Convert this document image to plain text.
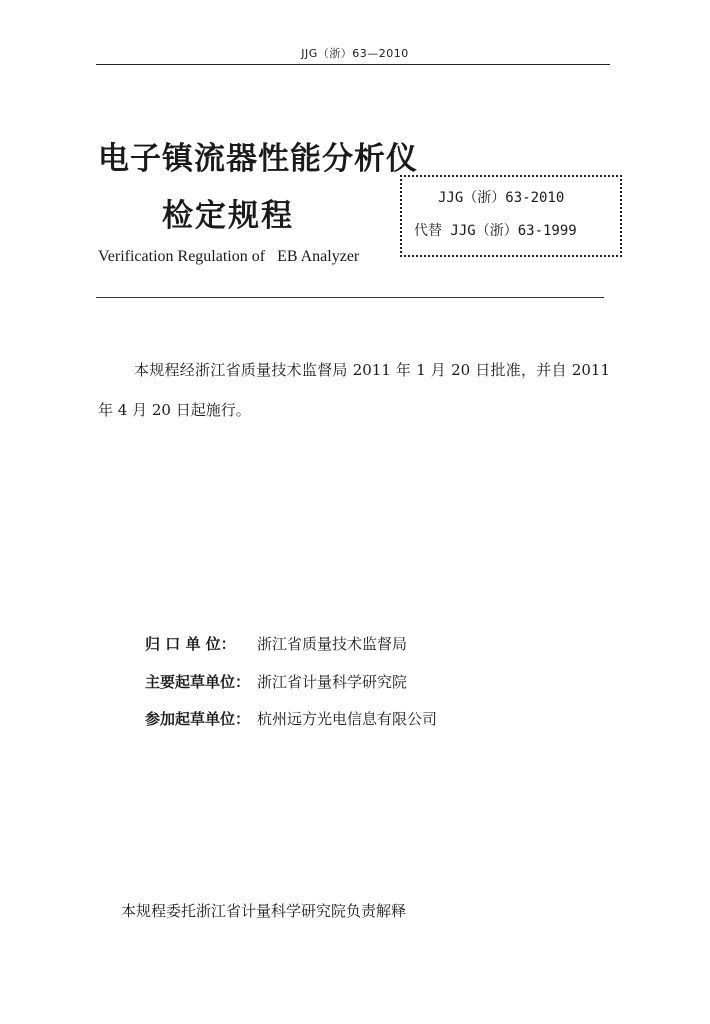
JJG（浙）63—2010
电子镇流器性能分析仪
检定规程
Verification Regulation of   EB Analyzer
JJG（浙）63-2010
代替 JJG（浙）63-1999
本规程经浙江省质量技术监督局 2011 年 1 月 20 日批准，并自 2011 年 4 月 20 日起施行。
归 口 单 位： 浙江省质量技术监督局
主要起草单位： 浙江省计量科学研究院
参加起草单位： 杭州远方光电信息有限公司
本规程委托浙江省计量科学研究院负责解释
